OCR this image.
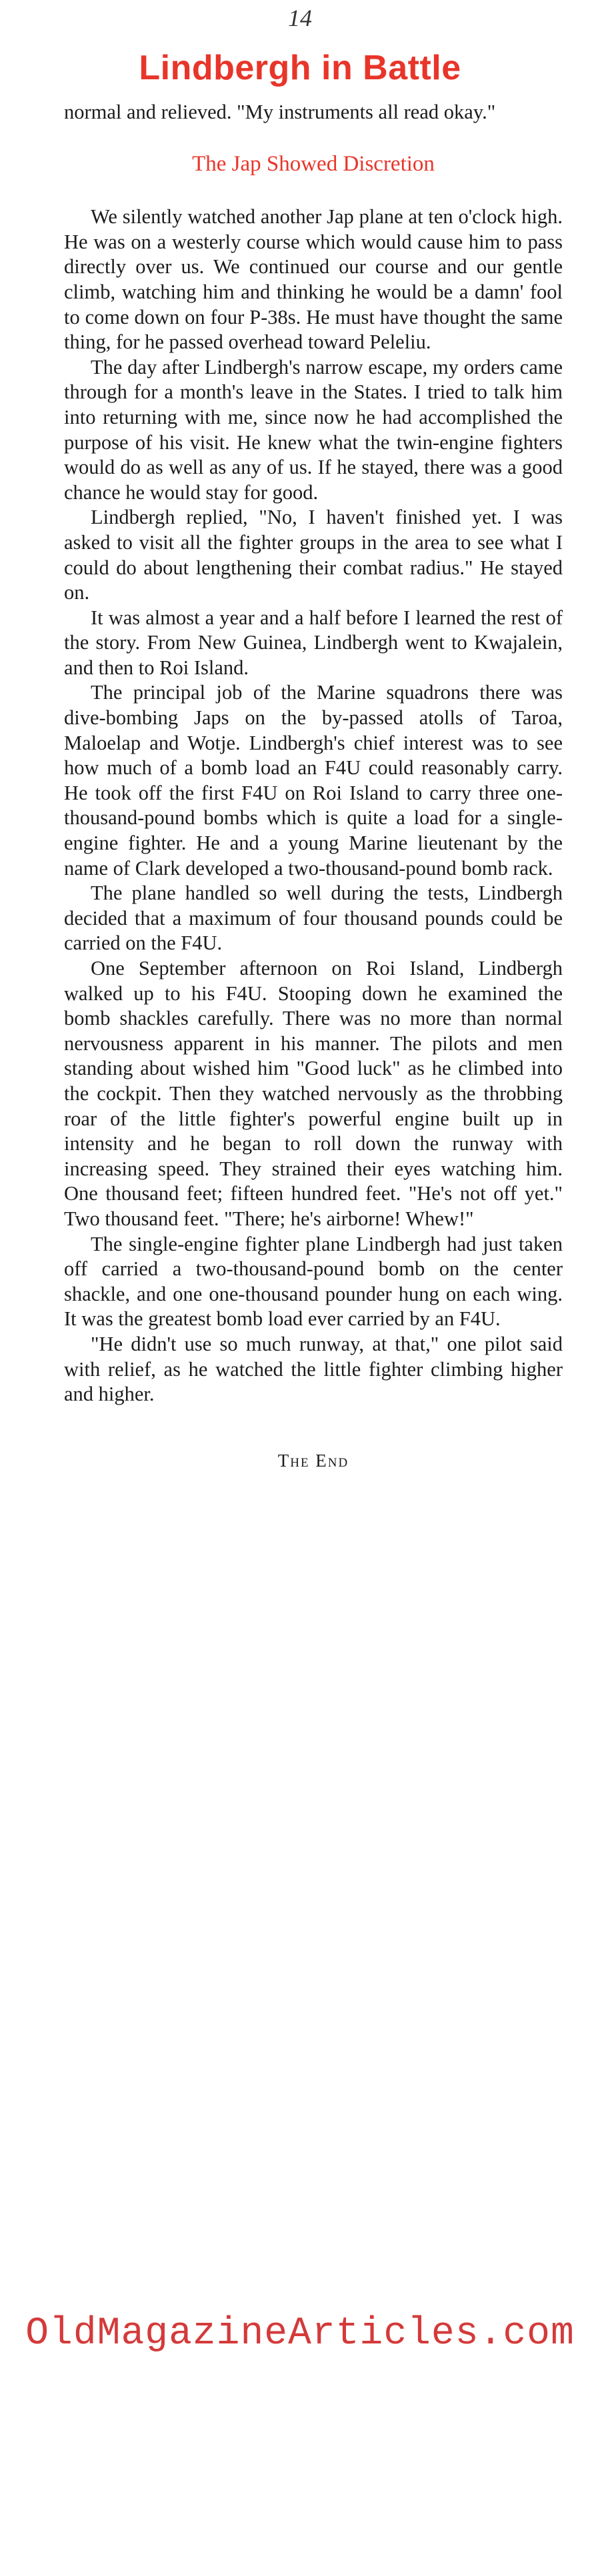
14
Lindbergh in Battle

normal and relieved. "My instruments all read okay."

The Jap Showed Discretion

We silently watched another Jap plane at ten o'clock high. He was on a westerly course which would cause him to pass directly over us. We continued our course and our gentle climb, watching him and thinking he would be a damn' fool to come down on four P-38s. He must have thought the same thing, for he passed overhead toward Peleliu.

The day after Lindbergh's narrow escape, my orders came through for a month's leave in the States. I tried to talk him into returning with me, since now he had accomplished the purpose of his visit. He knew what the twin-engine fighters would do as well as any of us. If he stayed, there was a good chance he would stay for good.

Lindbergh replied, "No, I haven't finished yet. I was asked to visit all the fighter groups in the area to see what I could do about lengthening their combat radius." He stayed on.

It was almost a year and a half before I learned the rest of the story. From New Guinea, Lindbergh went to Kwajalein, and then to Roi Island.

The principal job of the Marine squadrons there was dive-bombing Japs on the by-passed atolls of Taroa, Maloelap and Wotje. Lindbergh's chief interest was to see how much of a bomb load an F4U could reasonably carry. He took off the first F4U on Roi Island to carry three one-thousand-pound bombs which is quite a load for a single-engine fighter. He and a young Marine lieutenant by the name of Clark developed a two-thousand-pound bomb rack.

The plane handled so well during the tests, Lindbergh decided that a maximum of four thousand pounds could be carried on the F4U.

One September afternoon on Roi Island, Lindbergh walked up to his F4U. Stooping down he examined the bomb shackles carefully. There was no more than normal nervousness apparent in his manner. The pilots and men standing about wished him "Good luck" as he climbed into the cockpit. Then they watched nervously as the throbbing roar of the little fighter's powerful engine built up in intensity and he began to roll down the runway with increasing speed. They strained their eyes watching him. One thousand feet; fifteen hundred feet. "He's not off yet." Two thousand feet. "There; he's airborne! Whew!"

The single-engine fighter plane Lindbergh had just taken off carried a two-thousand-pound bomb on the center shackle, and one one-thousand pounder hung on each wing. It was the greatest bomb load ever carried by an F4U.

"He didn't use so much runway, at that," one pilot said with relief, as he watched the little fighter climbing higher and higher.

The End
OldMagazineArticles.com
